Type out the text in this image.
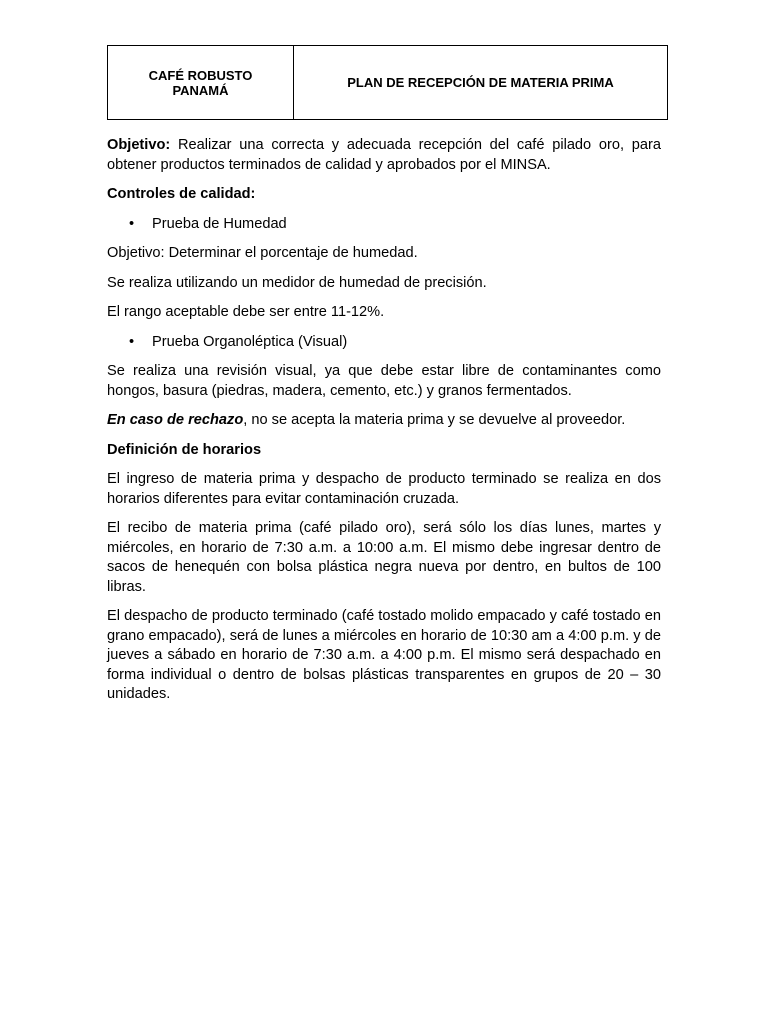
CAFÉ ROBUSTO
PANAMÁ	PLAN DE RECEPCIÓN DE MATERIA PRIMA

Objetivo: Realizar una correcta y adecuada recepción del café pilado oro, para obtener productos terminados de calidad y aprobados por el MINSA.

Controles de calidad:
•	Prueba de Humedad

Objetivo: Determinar el porcentaje de humedad.

Se realiza utilizando un medidor de humedad de precisión.

El rango aceptable debe ser entre 11-12%.

•	Prueba Organoléptica (Visual)

Se realiza una revisión visual, ya que debe estar libre de contaminantes como hongos, basura (piedras, madera, cemento, etc.) y granos fermentados.

En caso de rechazo, no se acepta la materia prima y se devuelve al proveedor.

Definición de horarios

El ingreso de materia prima y despacho de producto terminado se realiza en dos horarios diferentes para evitar contaminación cruzada.

El recibo de materia prima (café pilado oro), será sólo los días lunes, martes y miércoles, en horario de 7:30 a.m. a 10:00 a.m. El mismo debe ingresar dentro de sacos de henequén con bolsa plástica negra nueva por dentro, en bultos de 100 libras.

El despacho de producto terminado (café tostado molido empacado y café tostado en grano empacado), será de lunes a miércoles en horario de 10:30 am a 4:00 p.m. y de jueves a sábado en horario de 7:30 a.m. a 4:00 p.m. El mismo será despachado en forma individual o dentro de bolsas plásticas transparentes en grupos de 20 – 30 unidades.
